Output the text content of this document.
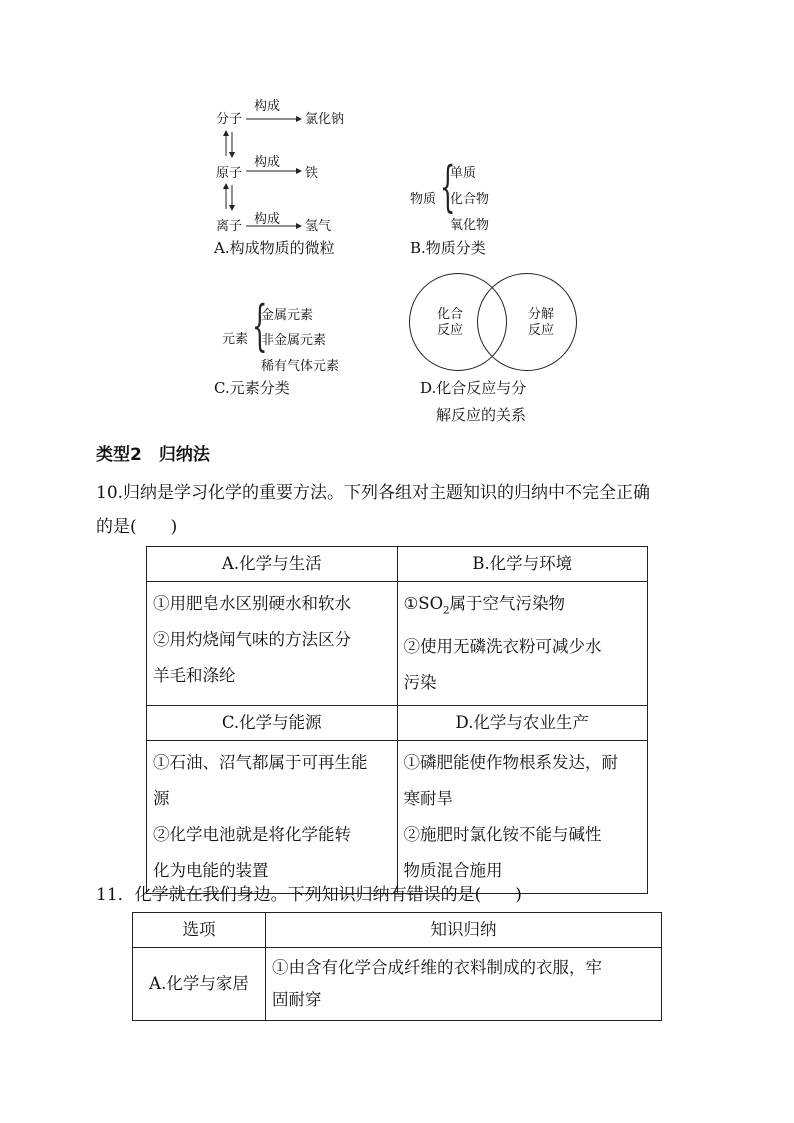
分子
构成
氯化钠
原子
构成
铁
离子 构成 氢气
A.构成物质的微粒
物质 {
单质
化合物
氧化物
B.物质分类
元素 {
金属元素
非金属元素
稀有气体元素
C.元素分类
化合
反应
分解
反应
D.化合反应与分
解反应的关系
类型2　归纳法
10.归纳是学习化学的重要方法。下列各组对主题知识的归纳中不完全正确
的是(　　)
A.化学与生活	B.化学与环境

①用肥皂水区别硬水和软水
②用灼烧闻气味的方法区分
羊毛和涤纶	$①SO_2$属于空气污染物
②使用无磷洗衣粉可减少水
污染

C.化学与能源	D.化学与农业生产

①石油、沼气都属于可再生能
源
②化学电池就是将化学能转
化为电能的装置	①磷肥能使作物根系发达，耐
寒耐旱
②施肥时氯化铵不能与碱性
物质混合施用
11．化学就在我们身边。下列知识归纳有错误的是(　　)
选项	知识归纳
A.化学与家居	①由含有化学合成纤维的衣料制成的衣服，牢
固耐穿
